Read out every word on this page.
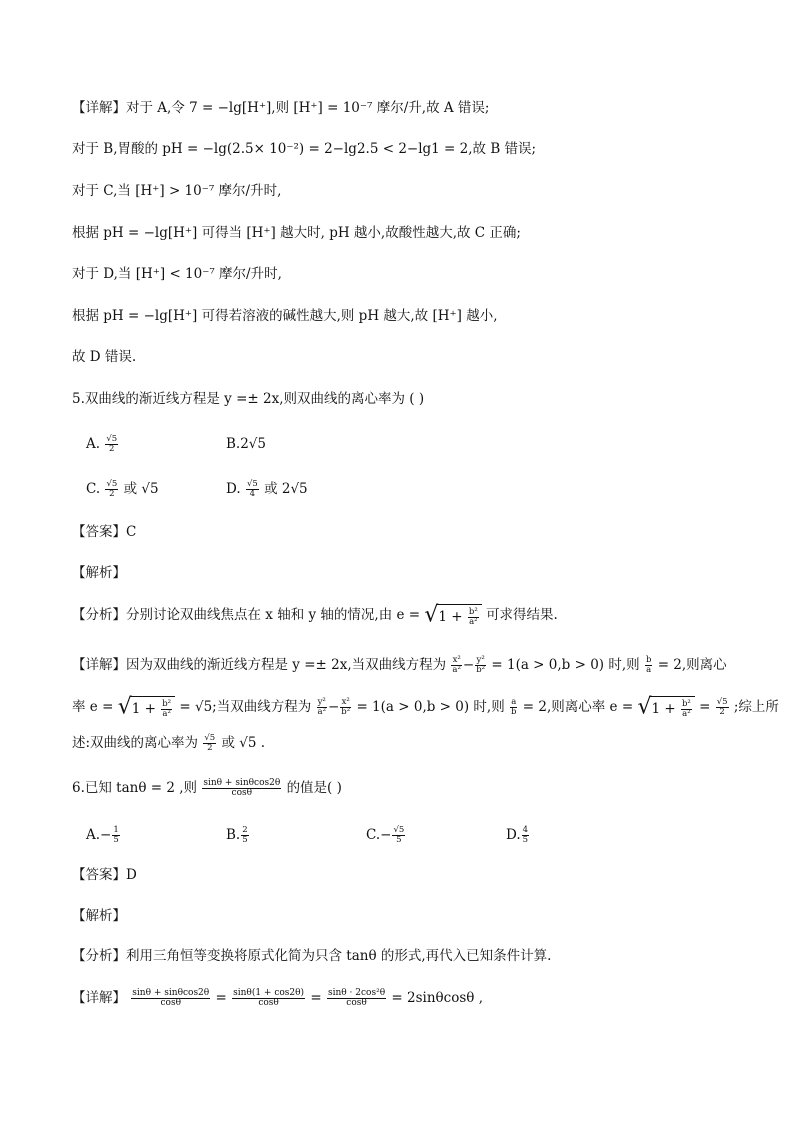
【详解】对于 A,令 7 = −lg[H⁺],则 [H⁺] = 10⁻⁷ 摩尔/升,故 A 错误;
对于 B,胃酸的 pH = −lg(2.5× 10⁻²) = 2−lg2.5 < 2−lg1 = 2,故 B 错误;
对于 C,当 [H⁺] > 10⁻⁷ 摩尔/升时,
根据 pH = −lg[H⁺] 可得当 [H⁺] 越大时, pH 越小,故酸性越大,故 C 正确;
对于 D,当 [H⁺] < 10⁻⁷ 摩尔/升时,
根据 pH = −lg[H⁺] 可得若溶液的碱性越大,则 pH 越大,故 [H⁺] 越小,
故 D 错误.
5.双曲线的渐近线方程是 y =± 2x,则双曲线的离心率为 ( )
A. $\frac{√5}{2}$	B.2√5
C. $\frac{√5}{2}$ 或 √5	D. $\frac{√5}{4}$ 或 2√5
【答案】C
【解析】
【分析】分别讨论双曲线焦点在 x 轴和 y 轴的情况,由 $e = √1 + \frac{\text{b²}}{\text{a²}}$ 可求得结果.
【详解】因为双曲线的渐近线方程是 y =± 2x,当双曲线方程为 $\frac{\text{x²}}{\text{a²}} - \frac{\text{y²}}{\text{b²}} = 1(a > 0,b > 0)$ 时,则 $\frac{b}{a} = 2$,则离心
率 $e = √1 + \frac{\text{b²}}{\text{a²}} = √5$;当双曲线方程为 $\frac{\text{y²}}{\text{a²}} - \frac{\text{x²}}{\text{b²}} = 1(a > 0,b > 0)$ 时,则 $\frac{a}{b} = 2$,则离心率 $e = √1 + \frac{\text{b²}}{\text{a²}} = \frac{√5}{2}$ ;综上所
述:双曲线的离心率为 $\frac{√5}{2}$ 或 √5 .
6.已知 tanθ = 2 ,则 $\frac{\sin\theta + \sin\theta\cos 2\theta}{\cos\theta}$ 的值是( )
$A.- \frac{1}{5}$	B. $\frac{2}{5}$	$C.- \frac{√5}{5}$	D. $\frac{4}{5}$
【答案】D
【解析】
【分析】利用三角恒等变换将原式化简为只含 tanθ 的形式,再代入已知条件计算.
【详解】 $\frac{\sin\theta + \sin\theta\cos 2\theta}{\cos\theta} = \frac{\sin\theta(1 + \cos 2\theta)}{\cos\theta} = \frac{\text{sinθ · 2cos²θ}}{\cos\theta} = 2\sin\theta\cos\theta$ ,
